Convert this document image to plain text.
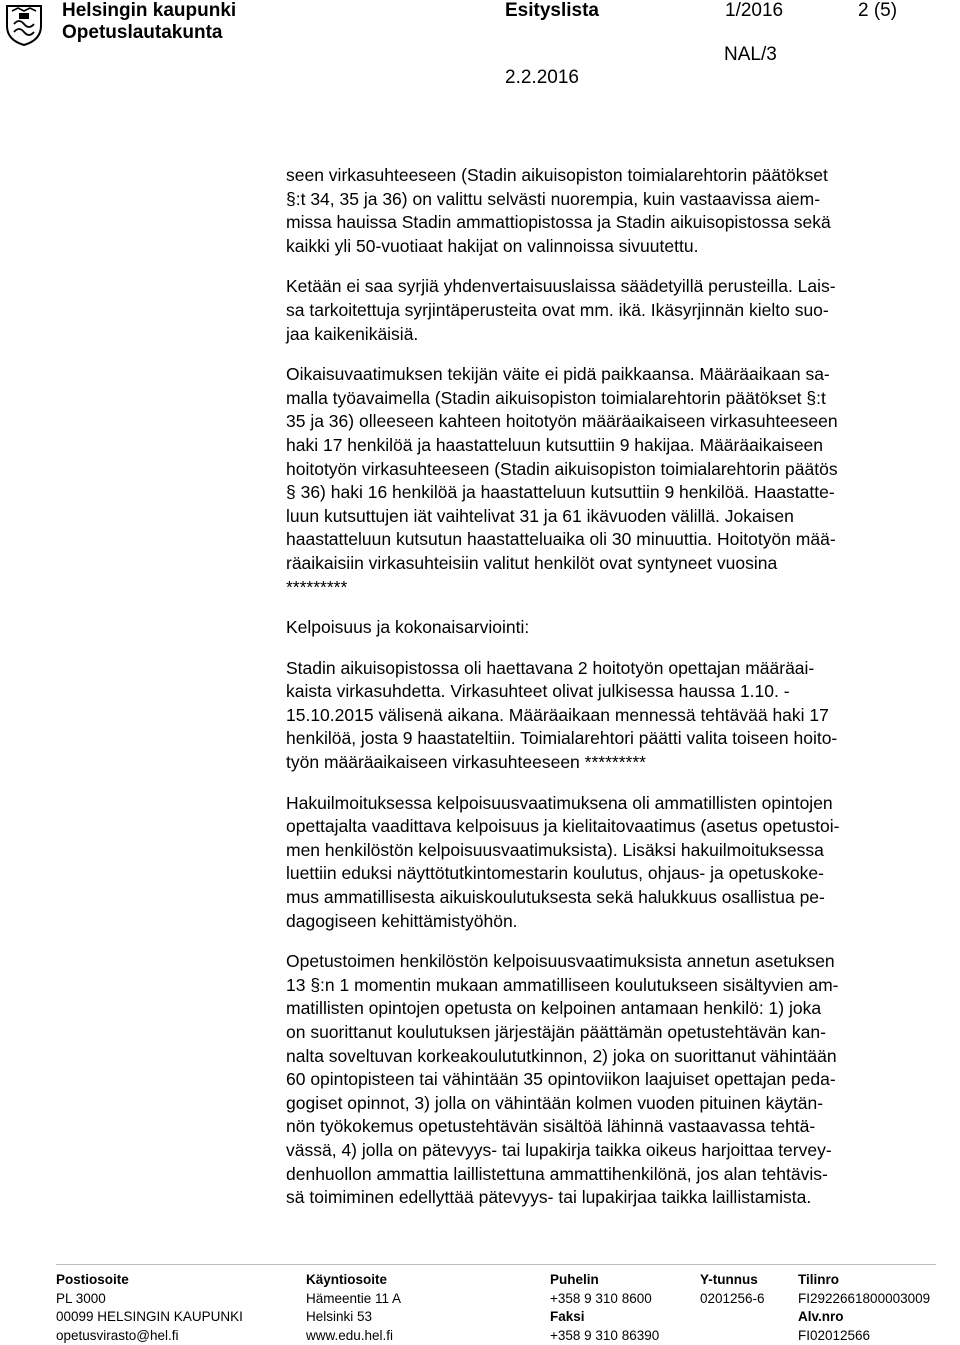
Helsingin kaupunki
Opetuslautakunta
Esityslista	1/2016	2 (5)
NAL/3
2.2.2016
seen virkasuhteeseen (Stadin aikuisopiston toimialarehtorin päätökset
§:t 34, 35 ja 36) on valittu selvästi nuorempia, kuin vastaavissa aiem-
missa hauissa Stadin ammattiopistossa ja Stadin aikuisopistossa sekä
kaikki yli 50-vuotiaat hakijat on valinnoissa sivuutettu.
Ketään ei saa syrjiä yhdenvertaisuuslaissa säädetyillä perusteilla. Lais-
sa tarkoitettuja syrjintäperusteita ovat mm. ikä. Ikäsyrjinnän kielto suo-
jaa kaikenikäisiä.
Oikaisuvaatimuksen tekijän väite ei pidä paikkaansa. Määräaikaan sa-
malla työavaimella (Stadin aikuisopiston toimialarehtorin päätökset §:t
35 ja 36) olleeseen kahteen hoitotyön määräaikaiseen virkasuhteeseen
haki 17 henkilöä ja haastatteluun kutsuttiin 9 hakijaa. Määräaikaiseen
hoitotyön virkasuhteeseen (Stadin aikuisopiston toimialarehtorin päätös
§ 36) haki 16 henkilöä ja haastatteluun kutsuttiin 9 henkilöä. Haastatte-
luun kutsuttujen iät vaihtelivat 31 ja 61 ikävuoden välillä. Jokaisen
haastatteluun kutsutun haastatteluaika oli 30 minuuttia. Hoitotyön mää-
räaikaisiin virkasuhteisiin valitut henkilöt ovat syntyneet vuosina
*********
Kelpoisuus ja kokonaisarviointi:
Stadin aikuisopistossa oli haettavana 2 hoitotyön opettajan määräai-
kaista virkasuhdetta. Virkasuhteet olivat julkisessa haussa 1.10. -
15.10.2015 välisenä aikana. Määräaikaan mennessä tehtävää haki 17
henkilöä, josta 9 haastateltiin. Toimialarehtori päätti valita toiseen hoito-
työn määräaikaiseen virkasuhteeseen *********
Hakuilmoituksessa kelpoisuusvaatimuksena oli ammatillisten opintojen
opettajalta vaadittava kelpoisuus ja kielitaitovaatimus (asetus opetustoi-
men henkilöstön kelpoisuusvaatimuksista). Lisäksi hakuilmoituksessa
luettiin eduksi näyttötutkintomestarin koulutus, ohjaus- ja opetuskoke-
mus ammatillisesta aikuiskoulutuksesta sekä halukkuus osallistua pe-
dagogiseen kehittämistyöhön.
Opetustoimen henkilöstön kelpoisuusvaatimuksista annetun asetuksen
13 §:n 1 momentin mukaan ammatilliseen koulutukseen sisältyvien am-
matillisten opintojen opetusta on kelpoinen antamaan henkilö: 1) joka
on suorittanut koulutuksen järjestäjän päättämän opetustehtävän kan-
nalta soveltuvan korkeakoulututkinnon, 2) joka on suorittanut vähintään
60 opintopisteen tai vähintään 35 opintoviikon laajuiset opettajan peda-
gogiset opinnot, 3) jolla on vähintään kolmen vuoden pituinen käytän-
nön työkokemus opetustehtävän sisältöä lähinnä vastaavassa tehtä-
vässä, 4) jolla on pätevyys- tai lupakirja taikka oikeus harjoittaa tervey-
denhuollon ammattia laillistettuna ammattihenkilönä, jos alan tehtävis-
sä toimiminen edellyttää pätevyys- tai lupakirjaa taikka laillistamista.
Postiosoite
PL 3000
00099 HELSINGIN KAUPUNKI
opetusvirasto@hel.fi
Käyntiosoite
Hämeentie 11 A
Helsinki 53
www.edu.hel.fi
Puhelin
+358 9 310 8600
Faksi
+358 9 310 86390
Y-tunnus
0201256-6
Tilinro
FI2922661800003009
Alv.nro
FI02012566
